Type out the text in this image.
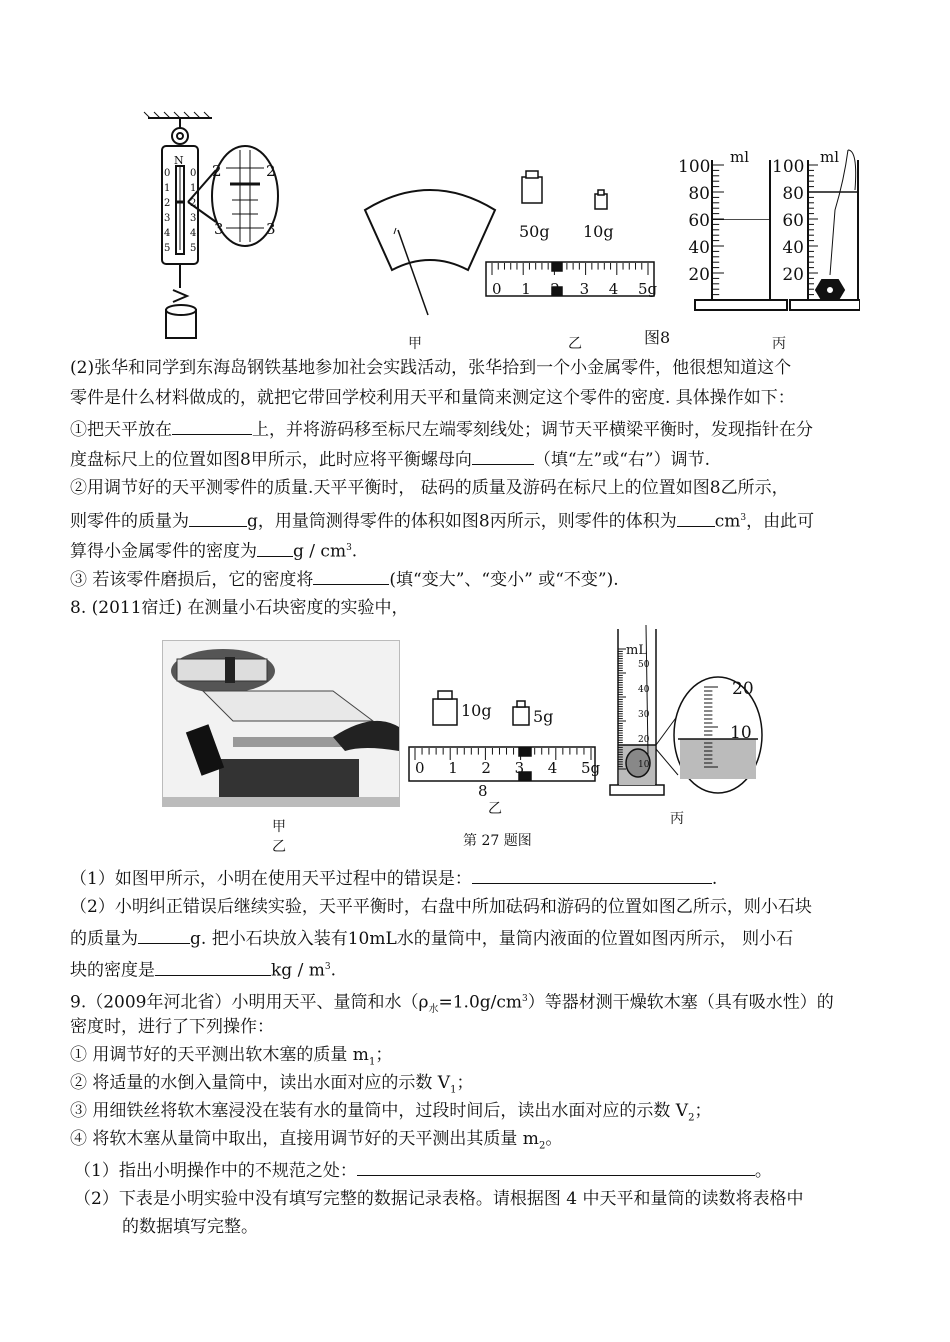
N
0
1
2
3
4
5
0
1
2
3
4
5
2	2
3	3	50g 10g
ml	ml
100
80
60
40
20
100
80
60
40
20
0 1 2 3 4 5g
甲	乙	图8	丙
(2)张华和同学到东海岛钢铁基地参加社会实践活动，张华拾到一个小金属零件，他很想知道这个
零件是什么材料做成的，就把它带回学校利用天平和量筒来测定这个零件的密度. 具体操作如下：
①把天平放在	上，并将游码移至标尺左端零刻线处；调节天平横梁平衡时，发现指针在分
度盘标尺上的位置如图8甲所示，此时应将平衡螺母向	（填“左”或“右”）调节.
②用调节好的天平测零件的质量.天平平衡时， 砝码的质量及游码在标尺上的位置如图8乙所示，
则零件的质量为	g，用量筒测得零件的体积如图8丙所示，则零件的体积为 $cm^3$，由此可
算得小金属零件的密度为 g / $cm^3$.
③ 若该零件磨损后，它的密度将	(填“变大”、“变小” 或“不变”).
8. (2011宿迁) 在测量小石块密度的实验中，
甲
乙
10g	5g
0 1 2 3 4 5g
8
乙
第 27 题图
mL
50
40
30
20
10
20
10
丙
（1）如图甲所示，小明在使用天平过程中的错误是：	.
（2）小明纠正错误后继续实验，天平平衡时，右盘中所加砝码和游码的位置如图乙所示，则小石块
的质量为	g. 把小石块放入装有10mL水的量筒中，量筒内液面的位置如图丙所示， 则小石
块的密度是	kg / $m^3$.
9.（2009年河北省）小明用天平、量筒和水$(\rho_水=1.0g/cm^3)$等器材测干燥软木塞（具有吸水性）的
密度时，进行了下列操作：
① 用调节好的天平测出软木塞的质量 $m_1$；
② 将适量的水倒入量筒中，读出水面对应的示数 $V_1$；
③ 用细铁丝将软木塞浸没在装有水的量筒中，过段时间后，读出水面对应的示数 $V_2$；
④ 将软木塞从量筒中取出，直接用调节好的天平测出其质量 $m_2$。
（1）指出小明操作中的不规范之处：	。
（2）下表是小明实验中没有填写完整的数据记录表格。请根据图 4 中天平和量筒的读数将表格中
的数据填写完整。
